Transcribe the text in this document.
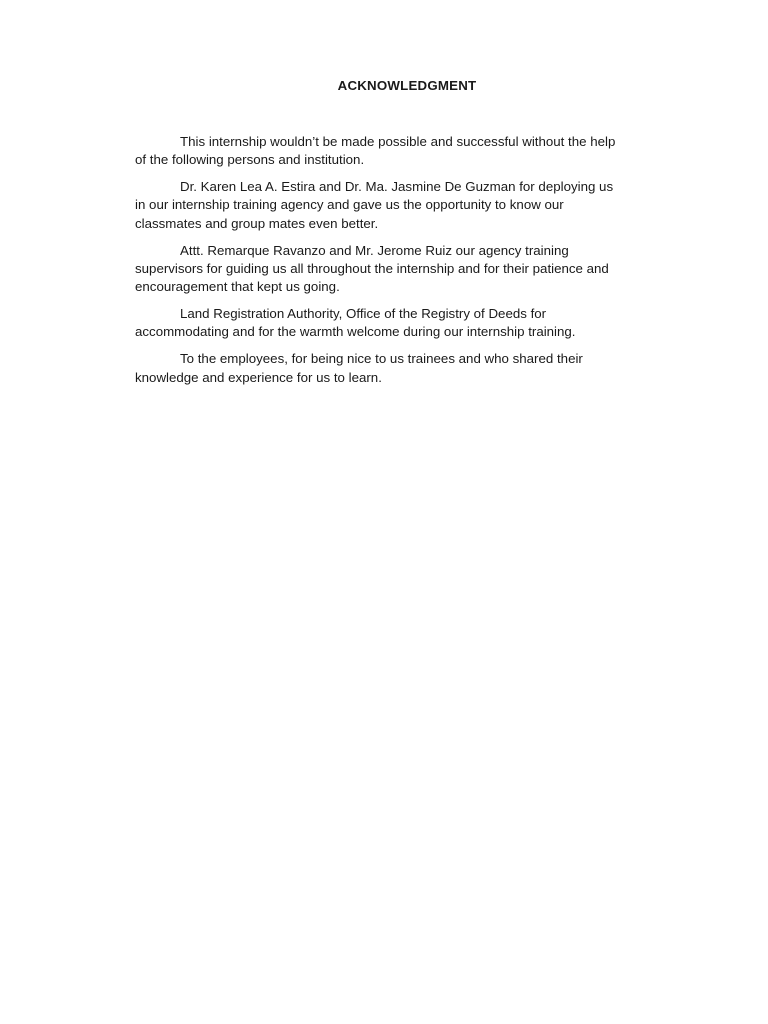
ACKNOWLEDGMENT

This internship wouldn’t be made possible and successful without the help
of the following persons and institution.

Dr. Karen Lea A. Estira and Dr. Ma. Jasmine De Guzman for deploying us
in our internship training agency and gave us the opportunity to know our
classmates and group mates even better.

Attt. Remarque Ravanzo and Mr. Jerome Ruiz our agency training
supervisors for guiding us all throughout the internship and for their patience and
encouragement that kept us going.

Land Registration Authority, Office of the Registry of Deeds for
accommodating and for the warmth welcome during our internship training.

To the employees, for being nice to us trainees and who shared their
knowledge and experience for us to learn.
